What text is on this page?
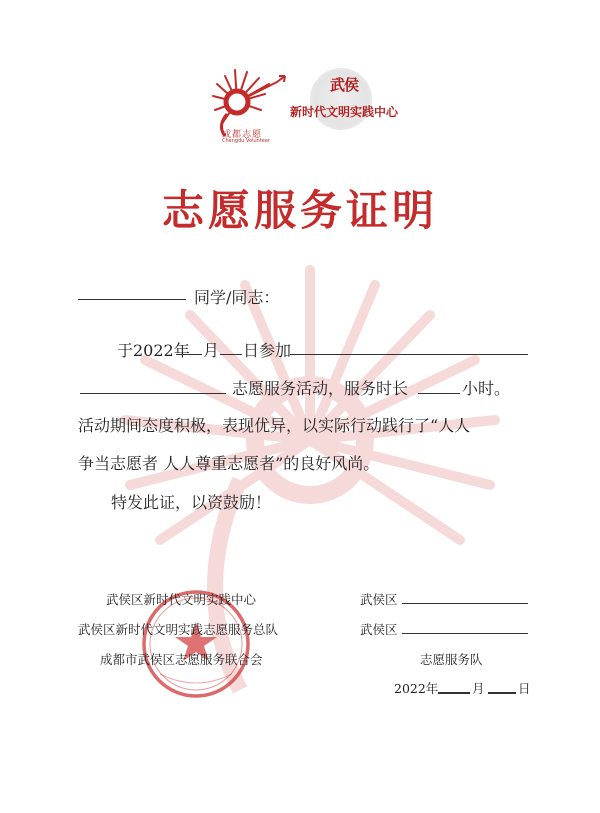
成都志愿
Chengdu Volunteer
武侯
新时代文明实践中心
志愿服务证明
同学/同志：
于2022年 月 日参加
志愿服务活动，服务时长	小时。
活动期间态度积极，表现优异，以实际行动践行了“人人
争当志愿者 人人尊重志愿者”的良好风尚。
特发此证，以资鼓励！
武侯区新时代文明实践中心
武侯区新时代文明实践志愿服务总队
成都市武侯区志愿服务联合会
武侯区
武侯区
志愿服务队
2022年	月	日
